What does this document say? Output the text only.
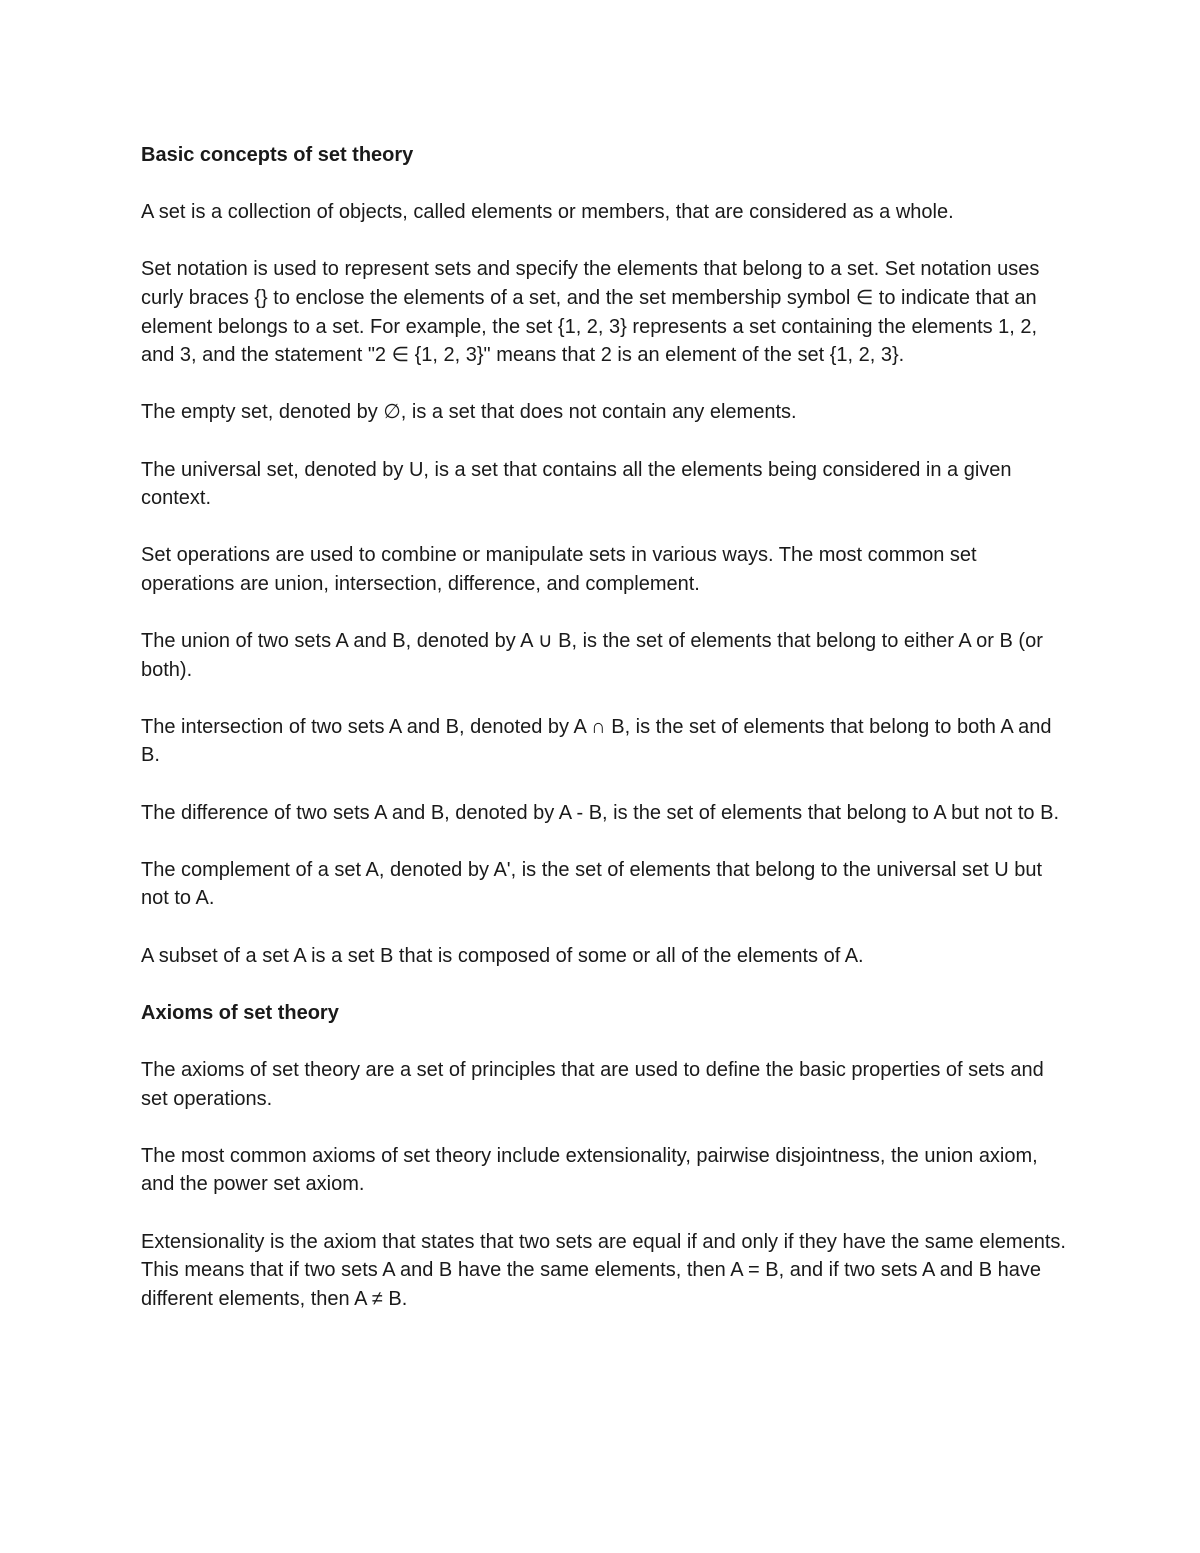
Basic concepts of set theory

A set is a collection of objects, called elements or members, that are considered as a whole.

Set notation is used to represent sets and specify the elements that belong to a set. Set notation uses curly braces {} to enclose the elements of a set, and the set membership symbol ∈ to indicate that an element belongs to a set. For example, the set {1, 2, 3} represents a set containing the elements 1, 2, and 3, and the statement "2 ∈ {1, 2, 3}" means that 2 is an element of the set {1, 2, 3}.

The empty set, denoted by ∅, is a set that does not contain any elements.

The universal set, denoted by U, is a set that contains all the elements being considered in a given context.

Set operations are used to combine or manipulate sets in various ways. The most common set operations are union, intersection, difference, and complement.

The union of two sets A and B, denoted by A ∪ B, is the set of elements that belong to either A or B (or both).

The intersection of two sets A and B, denoted by A ∩ B, is the set of elements that belong to both A and B.

The difference of two sets A and B, denoted by A - B, is the set of elements that belong to A but not to B.

The complement of a set A, denoted by A', is the set of elements that belong to the universal set U but not to A.

A subset of a set A is a set B that is composed of some or all of the elements of A.

Axioms of set theory

The axioms of set theory are a set of principles that are used to define the basic properties of sets and set operations.

The most common axioms of set theory include extensionality, pairwise disjointness, the union axiom, and the power set axiom.

Extensionality is the axiom that states that two sets are equal if and only if they have the same elements. This means that if two sets A and B have the same elements, then A = B, and if two sets A and B have different elements, then A ≠ B.
